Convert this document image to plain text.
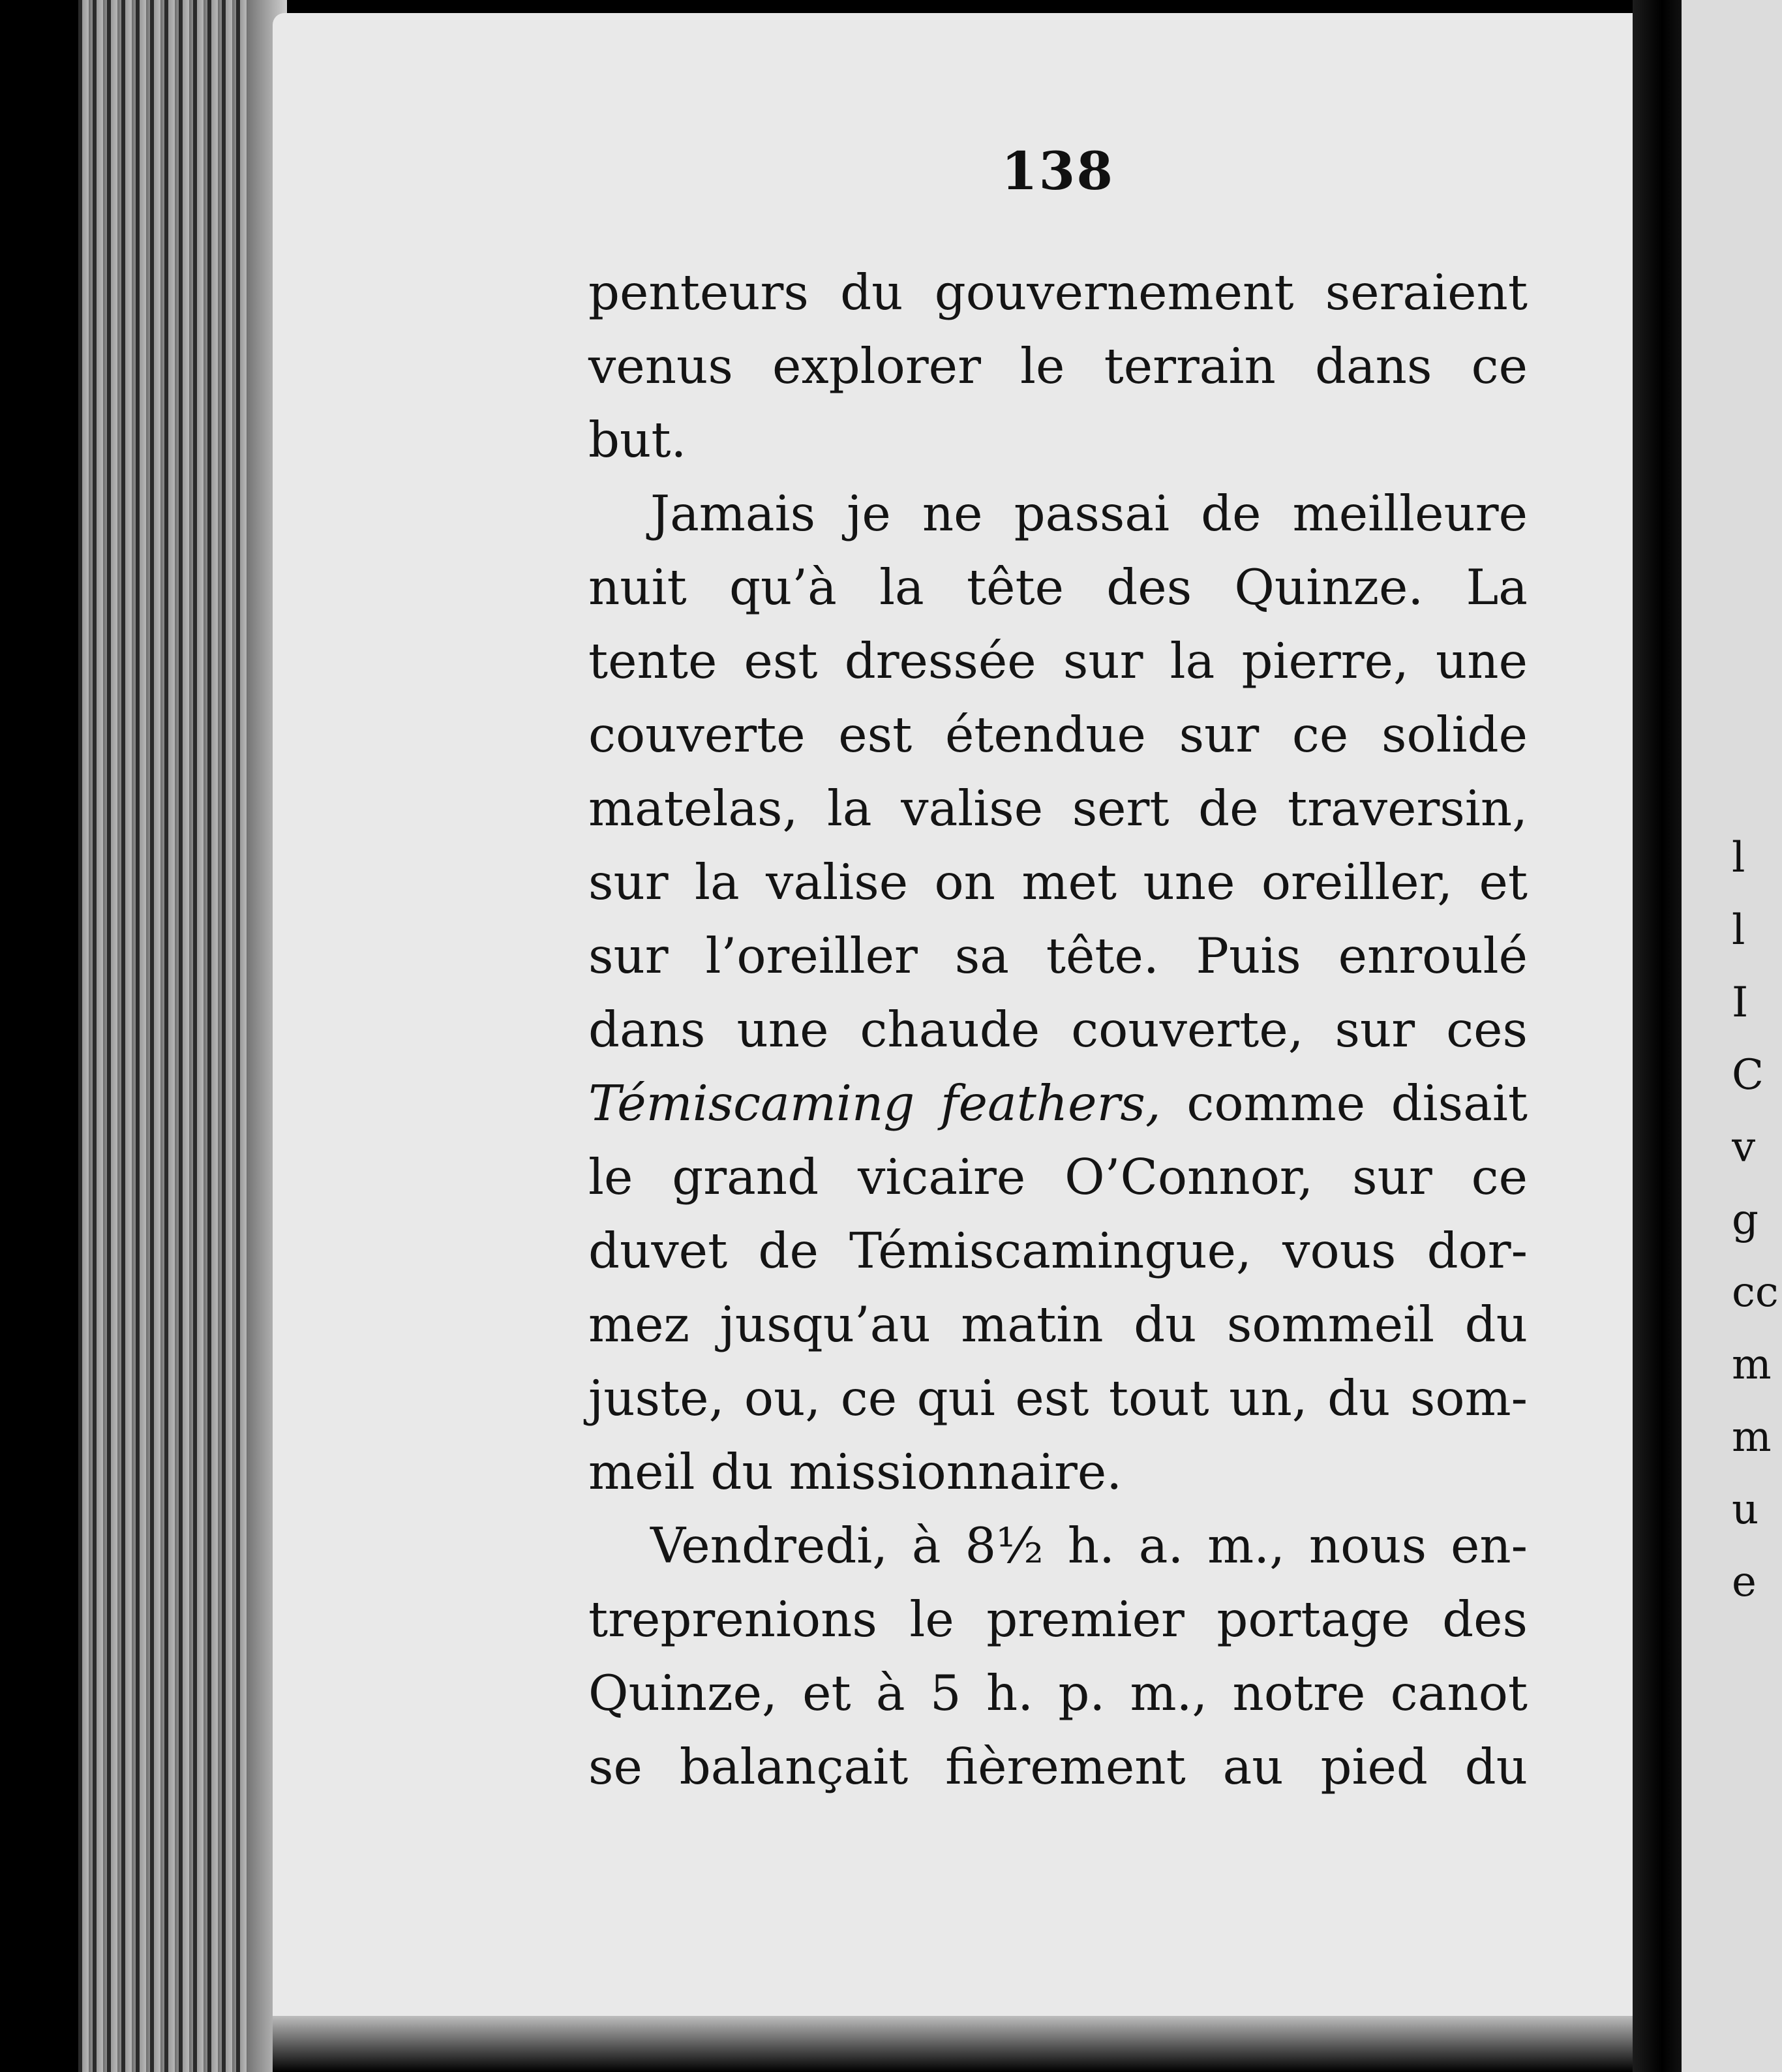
l
l
I
C
v
g
cc
m
m
u
e
138
penteurs du gouvernement seraient
venus explorer le terrain dans ce
but.
Jamais je ne passai de meilleure
nuit qu’à la tête des Quinze. La
tente est dressée sur la pierre, une
couverte est étendue sur ce solide
matelas, la valise sert de traversin,
sur la valise on met une oreiller, et
sur l’oreiller sa tête. Puis enroulé
dans une chaude couverte, sur ces
Témiscaming feathers, comme disait
le grand vicaire O’Connor, sur ce
duvet de Témiscamingue, vous dor-
mez jusqu’au matin du sommeil du
juste, ou, ce qui est tout un, du som-
meil du missionnaire.
Vendredi, à 8½ h. a. m., nous en-
treprenions le premier portage des
Quinze, et à 5 h. p. m., notre canot
se balançait fièrement au pied du
